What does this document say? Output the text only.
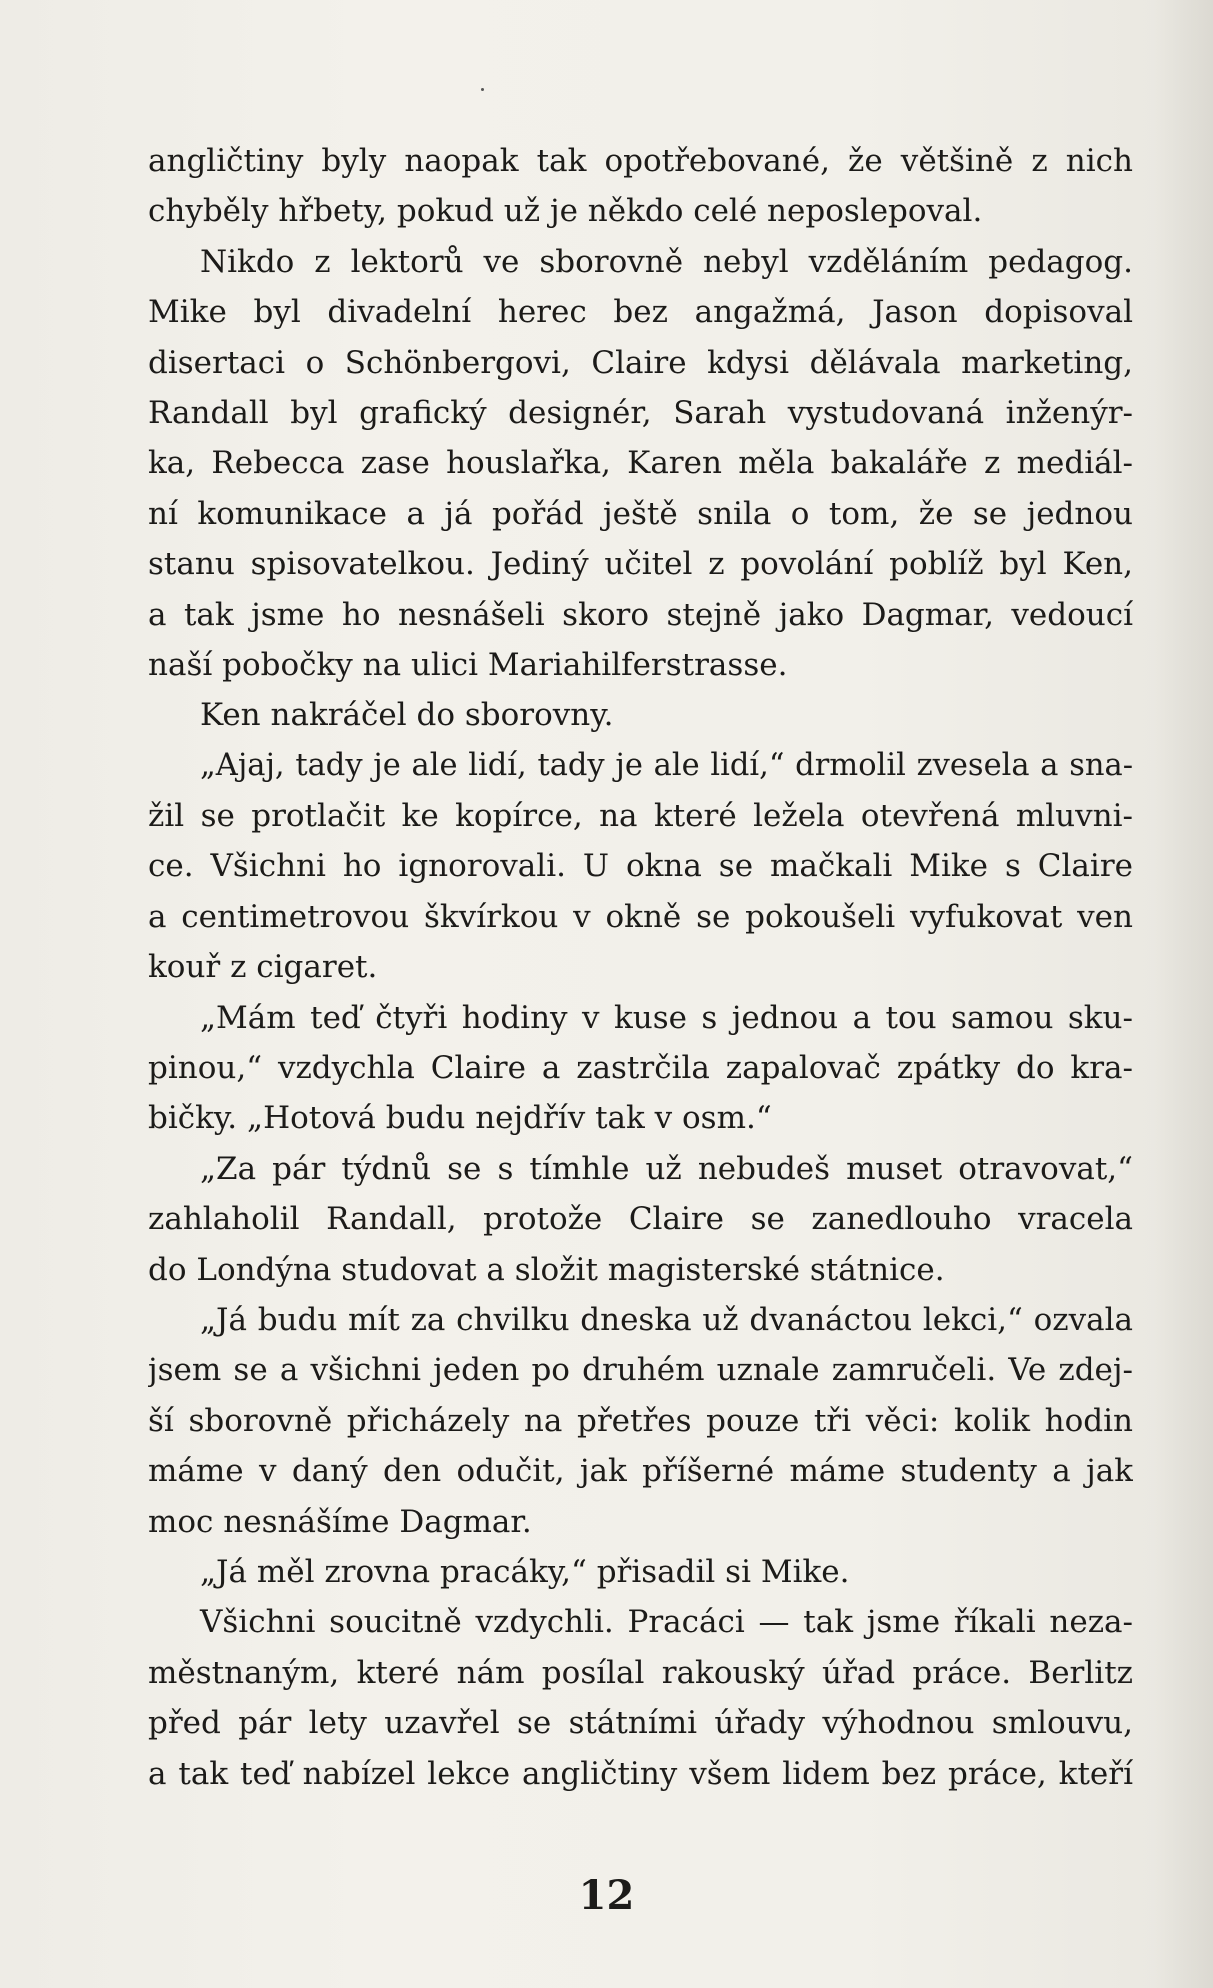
angličtiny byly naopak tak opotřebované, že většině z nich
chyběly hřbety, pokud už je někdo celé neposlepoval.
Nikdo z lektorů ve sborovně nebyl vzděláním pedagog.
Mike byl divadelní herec bez angažmá, Jason dopisoval
disertaci o Schönbergovi, Claire kdysi dělávala marketing,
Randall byl grafický designér, Sarah vystudovaná inženýr-
ka, Rebecca zase houslařka, Karen měla bakaláře z mediál-
ní komunikace a já pořád ještě snila o tom, že se jednou
stanu spisovatelkou. Jediný učitel z povolání poblíž byl Ken,
a tak jsme ho nesnášeli skoro stejně jako Dagmar, vedoucí
naší pobočky na ulici Mariahilferstrasse.
Ken nakráčel do sborovny.
„Ajaj, tady je ale lidí, tady je ale lidí,“ drmolil zvesela a sna-
žil se protlačit ke kopírce, na které ležela otevřená mluvni-
ce. Všichni ho ignorovali. U okna se mačkali Mike s Claire
a centimetrovou škvírkou v okně se pokoušeli vyfukovat ven
kouř z cigaret.
„Mám teď čtyři hodiny v kuse s jednou a tou samou sku-
pinou,“ vzdychla Claire a zastrčila zapalovač zpátky do kra-
bičky. „Hotová budu nejdřív tak v osm.“
„Za pár týdnů se s tímhle už nebudeš muset otravovat,“
zahlaholil Randall, protože Claire se zanedlouho vracela
do Londýna studovat a složit magisterské státnice.
„Já budu mít za chvilku dneska už dvanáctou lekci,“ ozvala
jsem se a všichni jeden po druhém uznale zamručeli. Ve zdej-
ší sborovně přicházely na přetřes pouze tři věci: kolik hodin
máme v daný den odučit, jak příšerné máme studenty a jak
moc nesnášíme Dagmar.
„Já měl zrovna pracáky,“ přisadil si Mike.
Všichni soucitně vzdychli. Pracáci — tak jsme říkali neza-
městnaným, které nám posílal rakouský úřad práce. Berlitz
před pár lety uzavřel se státními úřady výhodnou smlouvu,
a tak teď nabízel lekce angličtiny všem lidem bez práce, kteří
12
